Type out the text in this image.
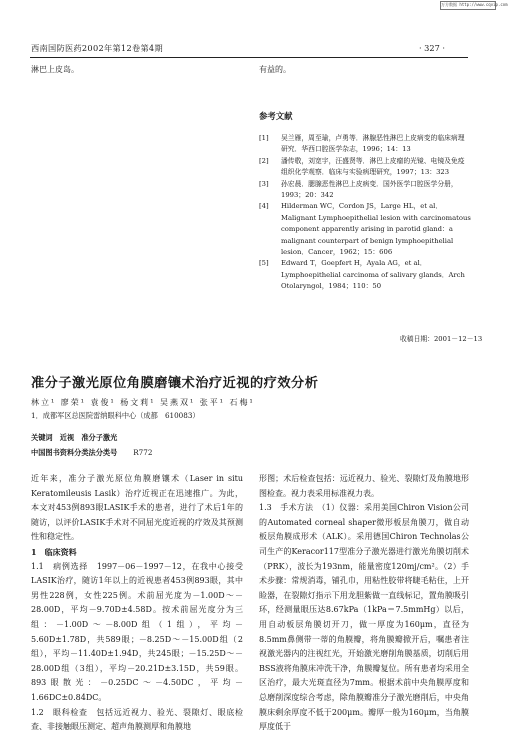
万方数据 http://www.cqvip.com
西南国防医药2002年第12卷第4期	· 327 ·

淋巴上皮岛。	有益的。

参考文献
[1]	吴兰雁，周至瑜，卢勇等．淋腺恶性淋巴上皮病变的临床病理研究．华西口腔医学杂志，1996；14：13
[2]	潘传敬，刘宽宇，汪盛贤等．淋巴上皮瘤的光镜、电镜及免疫组织化学观察．临床与实验病理研究，1997；13：323
[3]	孙宏晨．腮腺恶性淋巴上皮病变．国外医学口腔医学分册，1993；20：342
[4]	Hilderman WC，Cordon JS，Large HL，et al．Malignant Lymphoepithelial lesion with carcinomatous component apparently arising in parotid gland：a malignant counterpart of benign lymphoepithelial lesion．Cancer，1962；15：606
[5]	Edward T，Goepfert H，Ayala AG，et al．Lymphoepithelial carcinoma of salivary glands．Arch Otolaryngol，1984；110：50
收稿日期：2001－12－13
准分子激光原位角膜磨镶术治疗近视的疗效分析
林立¹ 廖荣¹ 袁俊¹ 杨文莉¹ 吴燕双¹ 张平¹ 石梅¹
1．成都军区总医院雷纳眼科中心（成都　610083）
关键词　近视　准分子激光
中国图书资料分类法分类号 R772

近年来，准分子激光原位角膜磨镶术（Laser in situ Keratomileusis Lasik）治疗近视正在迅速推广。为此，本文对453例893眼LASIK手术的患者，进行了术后1年的随访，以评价LASIK手术对不同屈光度近视的疗效及其预测性和稳定性。

1　临床资料

1.1　病例选择　1997－06－1997－12，在我中心接受LASIK治疗，随访1年以上的近视患者453例893眼，其中男性228例，女性225例。术前屈光度为－1.00D～－28.00D，平均－9.70D±4.58D。按术前屈光度分为三组：－1.00D～－8.00D组（1组），平均－5.60D±1.78D，共589眼；－8.25D～－15.00D组（2组），平均－11.40D±1.94D，共245眼；－15.25D～－28.00D组（3组），平均－20.21D±3.15D，共59眼。893眼散光：－0.25DC～－4.50DC，平均－1.66DC±0.84DC。

1.2　眼科检查　包括远近视力、验光、裂隙灯、眼底检查、非接触眼压测定、超声角膜测厚和角膜地

形图；术后检查包括：远近视力、验光、裂隙灯及角膜地形图检查。视力表采用标准视力表。

1.3　手术方法　（1）仪器：采用美国Chiron Vision公司的Automated corneal shaper微形板层角膜刀，做自动板层角膜成形术（ALK）。采用德国Chiron Technolas公司生产的Keracor117型准分子激光器进行激光角膜切削术（PRK），波长为193nm，能量密度120mj/cm²。（2）手术步骤：常规消毒，铺孔巾，用粘性胶带将睫毛粘住，上开睑器，在裂隙灯指示下用龙胆紫做一直线标记，置角膜吸引环，经测量眼压达8.67kPa（1kPa＝7.5mmHg）以后，用自动板层角膜切开刀，做一厚度为160μm，直径为8.5mm鼻侧带一蒂的角膜瓣，将角膜瓣掀开后，嘱患者注视激光器内的注视红光，开始激光磨削角膜基质，切削后用BSS液将角膜床冲洗干净，角膜瓣复位。所有患者均采用全区治疗，最大光斑直径为7mm。根据术前中央角膜厚度和总磨削深度综合考虑，除角膜瓣准分子激光磨削后，中央角膜床剩余厚度不低于200μm。瓣厚一般为160μm，当角膜厚度低于
